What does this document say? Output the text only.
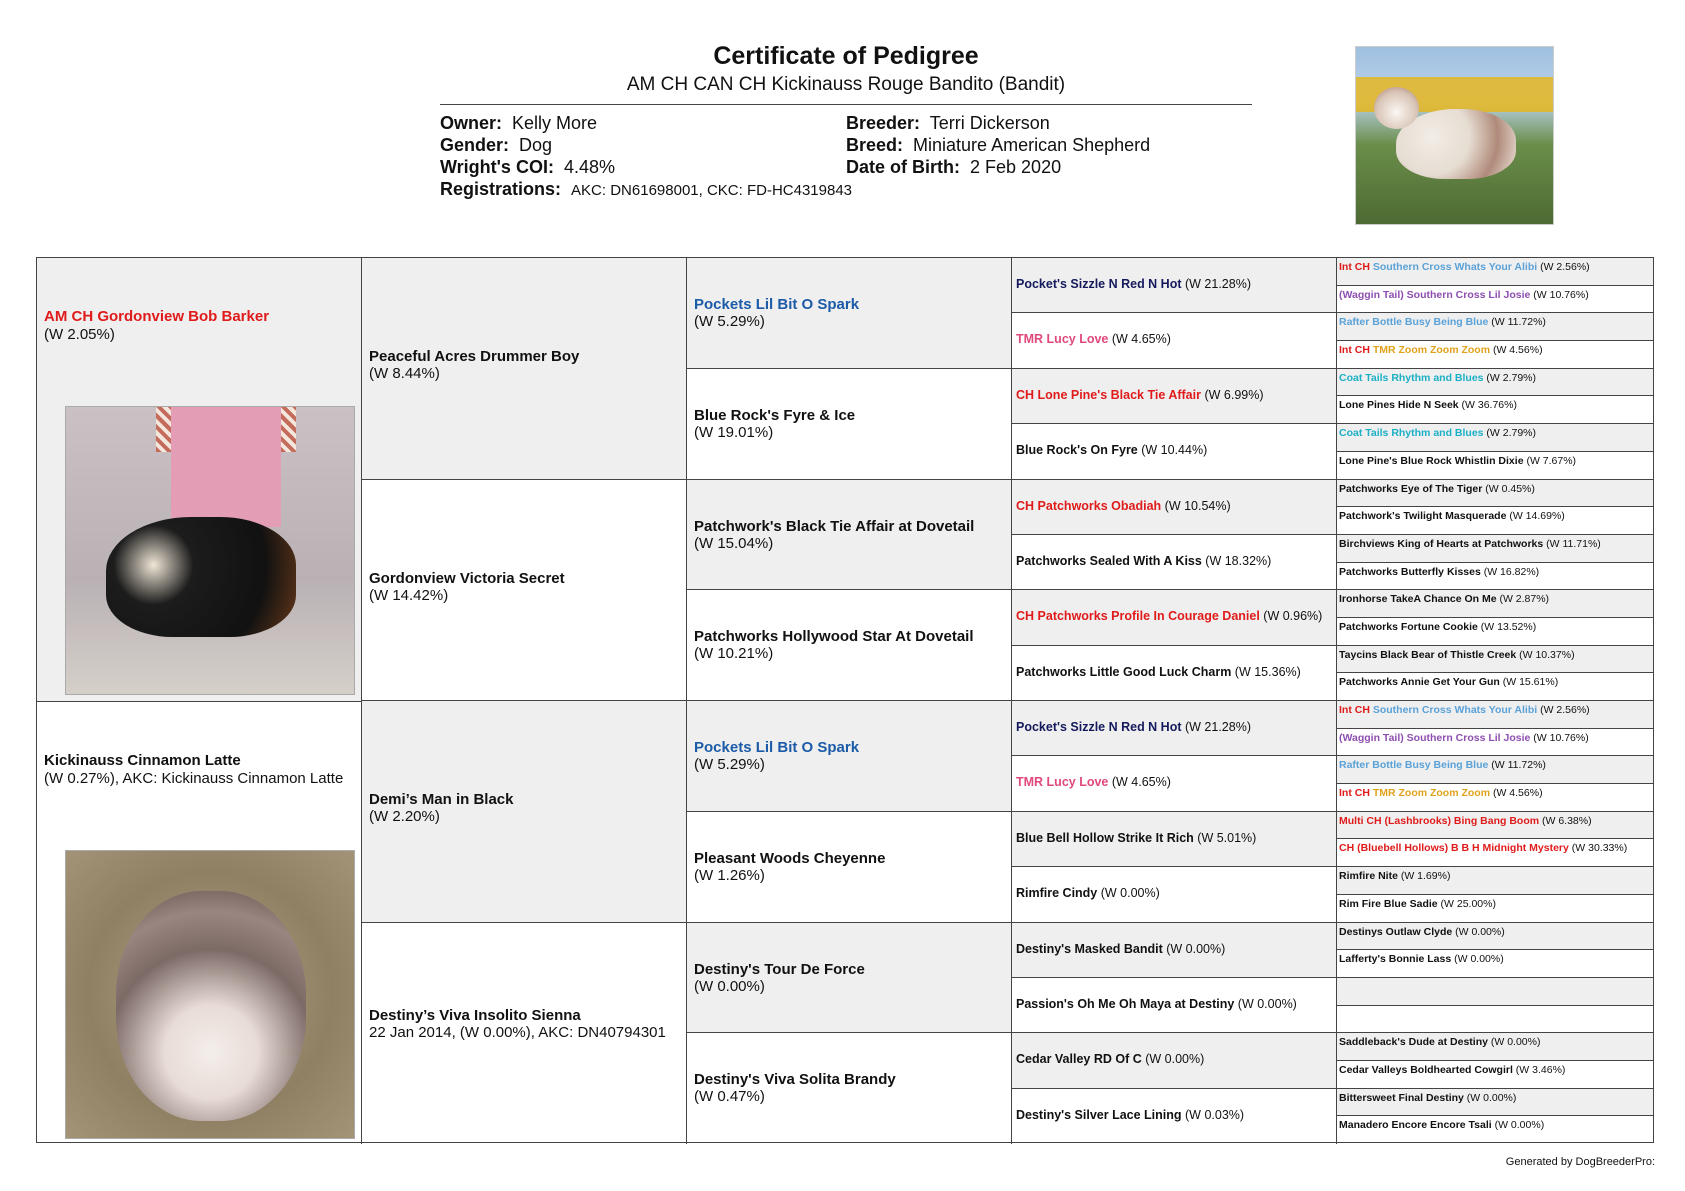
Certificate of Pedigree
AM CH CAN CH Kickinauss Rouge Bandito (Bandit)
Owner: Kelly More
Gender: Dog
Wright's COI: 4.48%
Registrations: AKC: DN61698001, CKC: FD-HC4319843
Breeder: Terri Dickerson
Breed: Miniature American Shepherd
Date of Birth: 2 Feb 2020
AM CH Gordonview Bob Barker
(W 2.05%)
Kickinauss Cinnamon Latte
(W 0.27%), AKC: Kickinauss Cinnamon Latte
Peaceful Acres Drummer Boy
(W 8.44%)
Gordonview Victoria Secret
(W 14.42%)
Demi’s Man in Black
(W 2.20%)
Destiny’s Viva Insolito Sienna
22 Jan 2014, (W 0.00%), AKC: DN40794301
Pockets Lil Bit O Spark
(W 5.29%)
Blue Rock's Fyre & Ice
(W 19.01%)
Patchwork's Black Tie Affair at Dovetail
(W 15.04%)
Patchworks Hollywood Star At Dovetail
(W 10.21%)
Pockets Lil Bit O Spark
(W 5.29%)
Pleasant Woods Cheyenne
(W 1.26%)
Destiny's Tour De Force
(W 0.00%)
Destiny's Viva Solita Brandy
(W 0.47%)
Pocket's Sizzle N Red N Hot (W 21.28%)
TMR Lucy Love (W 4.65%)
CH Lone Pine's Black Tie Affair (W 6.99%)
Blue Rock's On Fyre (W 10.44%)
CH Patchworks Obadiah (W 10.54%)
Patchworks Sealed With A Kiss (W 18.32%)
CH Patchworks Profile In Courage Daniel (W 0.96%)
Patchworks Little Good Luck Charm (W 15.36%)
Pocket's Sizzle N Red N Hot (W 21.28%)
TMR Lucy Love (W 4.65%)
Blue Bell Hollow Strike It Rich (W 5.01%)
Rimfire Cindy (W 0.00%)
Destiny's Masked Bandit (W 0.00%)
Passion's Oh Me Oh Maya at Destiny (W 0.00%)
Cedar Valley RD Of C (W 0.00%)
Destiny's Silver Lace Lining (W 0.03%)
Int CH Southern Cross Whats Your Alibi (W 2.56%)
(Waggin Tail) Southern Cross Lil Josie (W 10.76%)
Rafter Bottle Busy Being Blue (W 11.72%)
Int CH TMR Zoom Zoom Zoom (W 4.56%)
Coat Tails Rhythm and Blues (W 2.79%)
Lone Pines Hide N Seek (W 36.76%)
Coat Tails Rhythm and Blues (W 2.79%)
Lone Pine's Blue Rock Whistlin Dixie (W 7.67%)
Patchworks Eye of The Tiger (W 0.45%)
Patchwork's Twilight Masquerade (W 14.69%)
Birchviews King of Hearts at Patchworks (W 11.71%)
Patchworks Butterfly Kisses (W 16.82%)
Ironhorse TakeA Chance On Me (W 2.87%)
Patchworks Fortune Cookie (W 13.52%)
Taycins Black Bear of Thistle Creek (W 10.37%)
Patchworks Annie Get Your Gun (W 15.61%)
Int CH Southern Cross Whats Your Alibi (W 2.56%)
(Waggin Tail) Southern Cross Lil Josie (W 10.76%)
Rafter Bottle Busy Being Blue (W 11.72%)
Int CH TMR Zoom Zoom Zoom (W 4.56%)
Multi CH (Lashbrooks) Bing Bang Boom (W 6.38%)
CH (Bluebell Hollows) B B H Midnight Mystery (W 30.33%)
Rimfire Nite (W 1.69%)
Rim Fire Blue Sadie (W 25.00%)
Destinys Outlaw Clyde (W 0.00%)
Lafferty's Bonnie Lass (W 0.00%)
Saddleback's Dude at Destiny (W 0.00%)
Cedar Valleys Boldhearted Cowgirl (W 3.46%)
Bittersweet Final Destiny (W 0.00%)
Manadero Encore Encore Tsali (W 0.00%)
Generated by DogBreederPro:
